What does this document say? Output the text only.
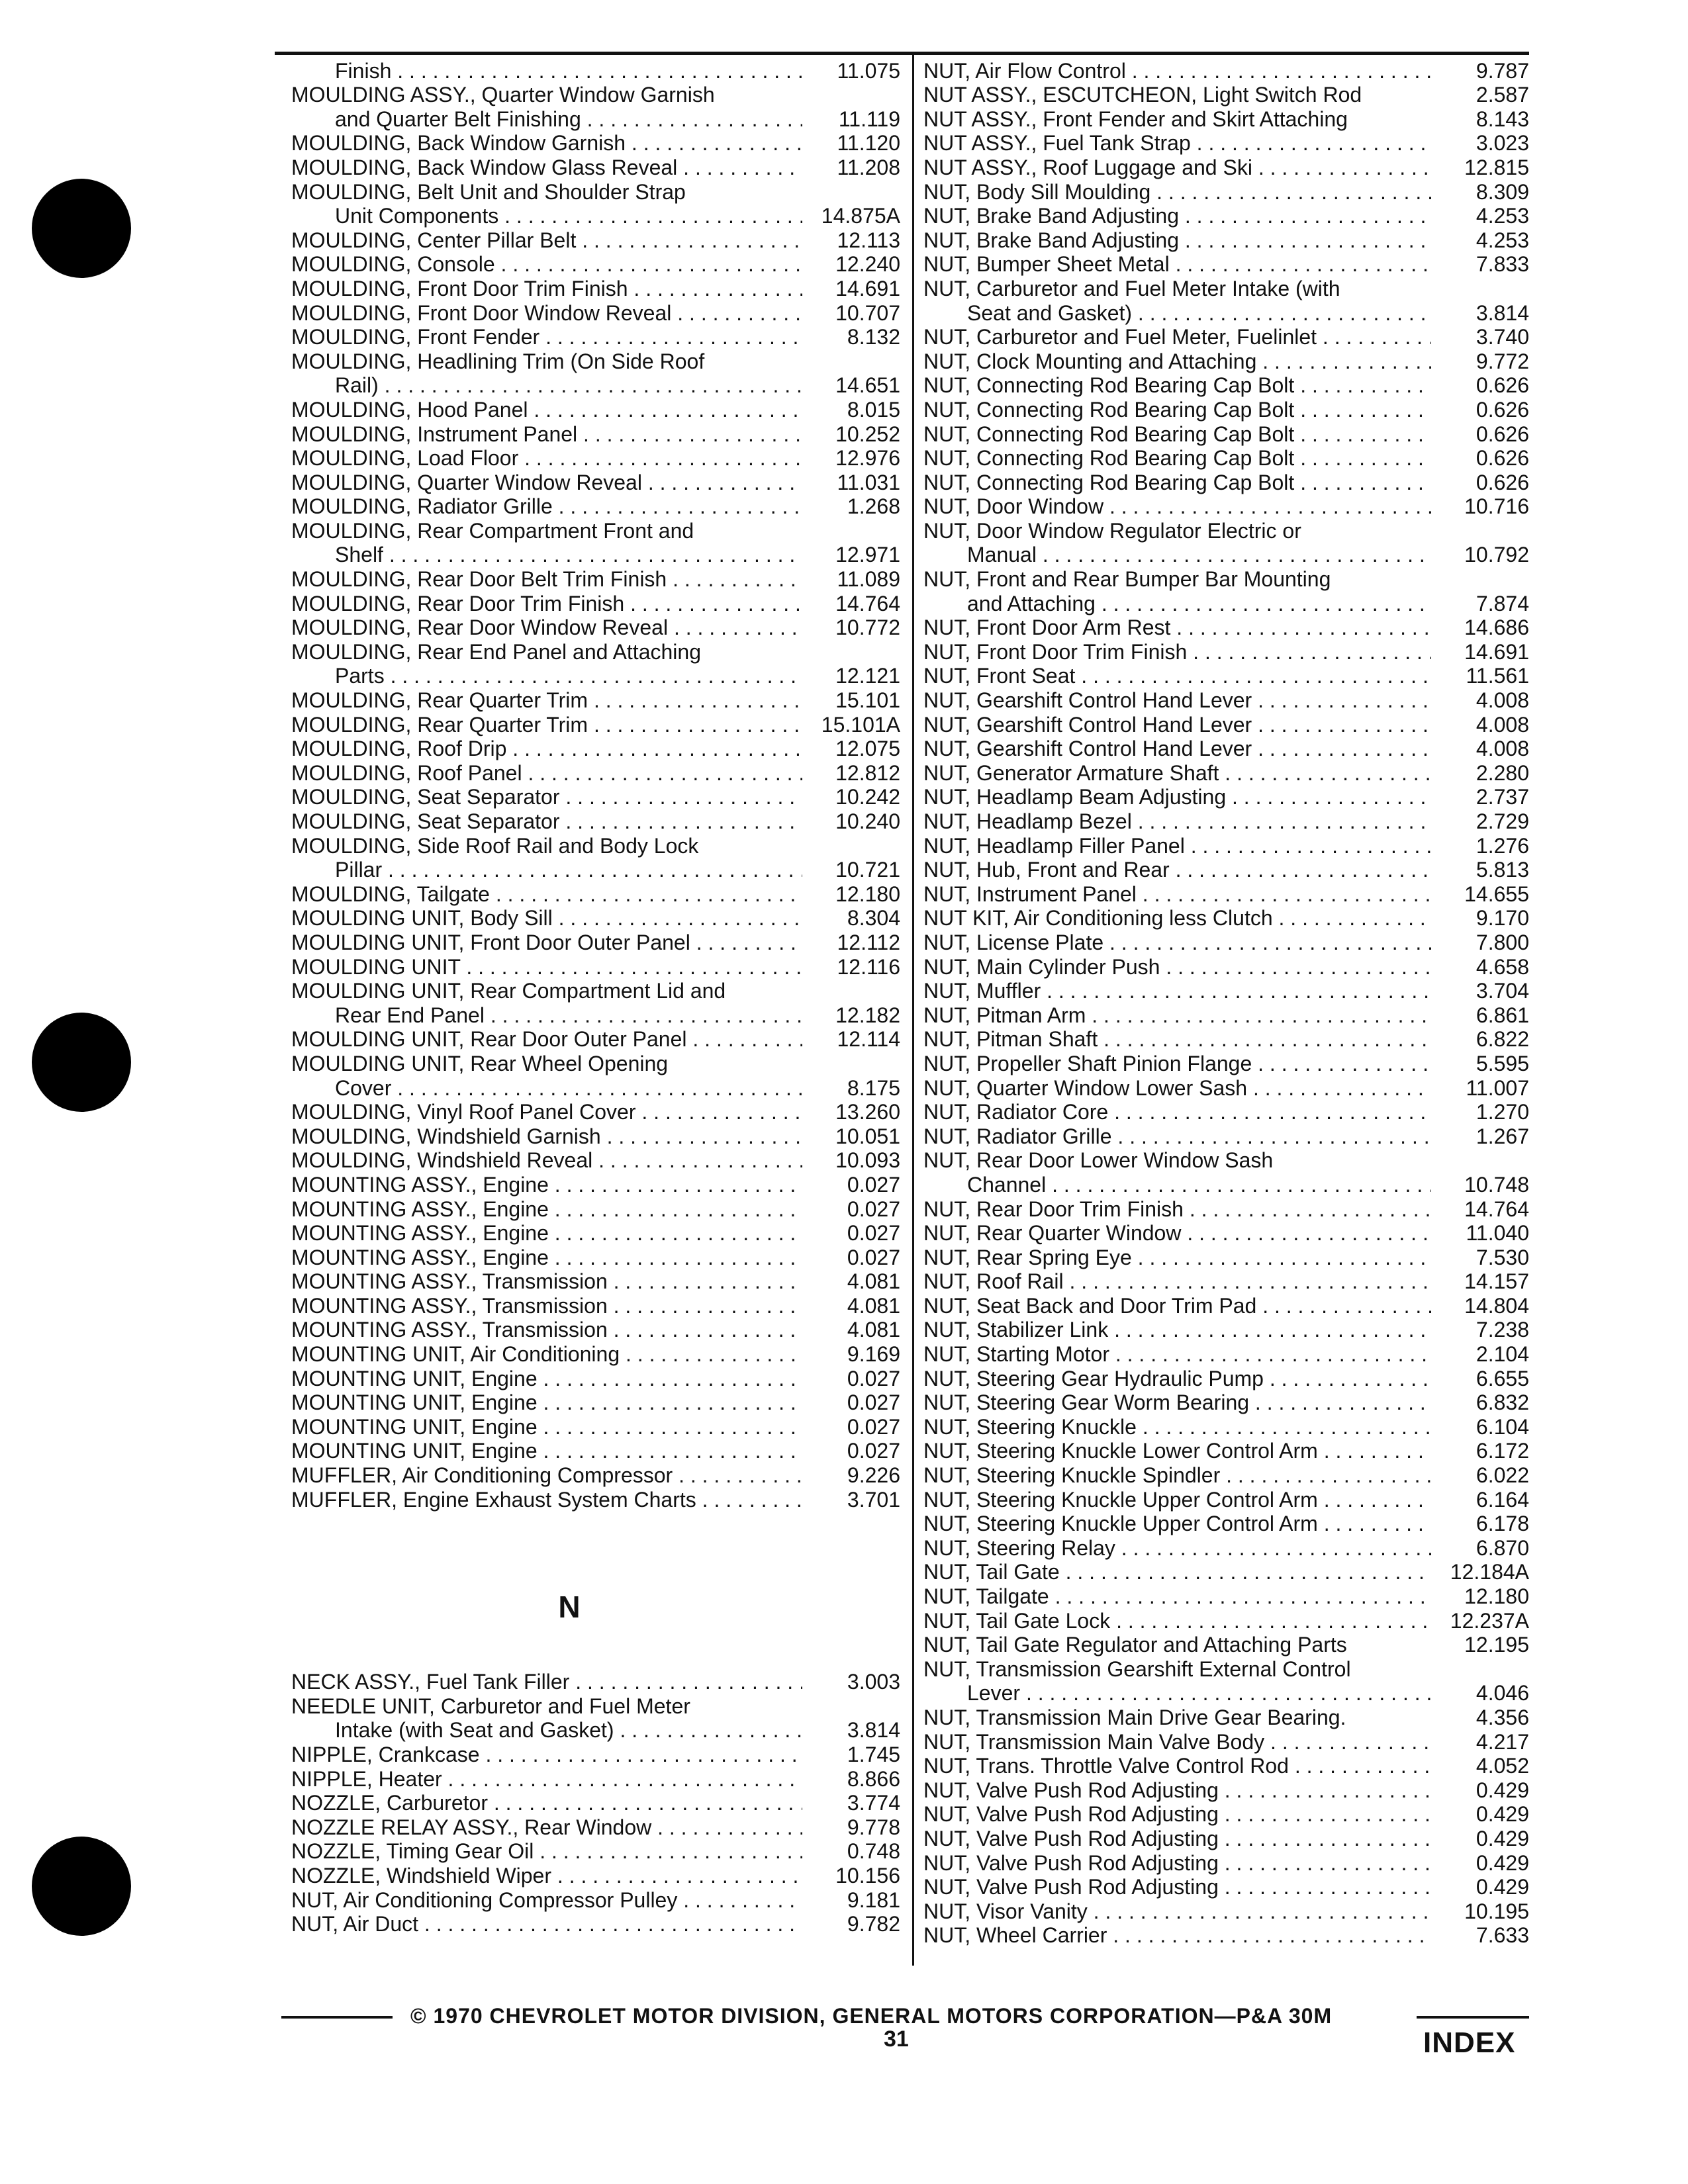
Finish . . .	11.075
MOULDING ASSY., Quarter Window Garnish
and Quarter Belt Finishing . . .	11.119
MOULDING, Back Window Garnish . . .	11.120
MOULDING, Back Window Glass Reveal . . .	11.208
MOULDING, Belt Unit and Shoulder Strap
Unit Components . . .	14.875A
MOULDING, Center Pillar Belt . . .	12.113
MOULDING, Console . . .	12.240
MOULDING, Front Door Trim Finish . . .	14.691
MOULDING, Front Door Window Reveal . . .	10.707
MOULDING, Front Fender . . .	8.132
MOULDING, Headlining Trim (On Side Roof
Rail) . . .	14.651
MOULDING, Hood Panel . . .	8.015
MOULDING, Instrument Panel . . .	10.252
MOULDING, Load Floor . . .	12.976
MOULDING, Quarter Window Reveal . . .	11.031
MOULDING, Radiator Grille . . .	1.268
MOULDING, Rear Compartment Front and
Shelf . . .	12.971
MOULDING, Rear Door Belt Trim Finish . . .	11.089
MOULDING, Rear Door Trim Finish . . .	14.764
MOULDING, Rear Door Window Reveal . . .	10.772
MOULDING, Rear End Panel and Attaching
Parts . . .	12.121
MOULDING, Rear Quarter Trim . . .	15.101
MOULDING, Rear Quarter Trim . . .	15.101A
MOULDING, Roof Drip . . .	12.075
MOULDING, Roof Panel . . .	12.812
MOULDING, Seat Separator . . .	10.242
MOULDING, Seat Separator . . .	10.240
MOULDING, Side Roof Rail and Body Lock
Pillar . . .	10.721
MOULDING, Tailgate . . .	12.180
MOULDING UNIT, Body Sill . . .	8.304
MOULDING UNIT, Front Door Outer Panel . . .	12.112
MOULDING UNIT . . .	12.116
MOULDING UNIT, Rear Compartment Lid and
Rear End Panel . . .	12.182
MOULDING UNIT, Rear Door Outer Panel . . .	12.114
MOULDING UNIT, Rear Wheel Opening
Cover . . .	8.175
MOULDING, Vinyl Roof Panel Cover . . .	13.260
MOULDING, Windshield Garnish . . .	10.051
MOULDING, Windshield Reveal . . .	10.093
MOUNTING ASSY., Engine . . .	0.027
MOUNTING ASSY., Engine . . .	0.027
MOUNTING ASSY., Engine . . .	0.027
MOUNTING ASSY., Engine . . .	0.027
MOUNTING ASSY., Transmission . . .	4.081
MOUNTING ASSY., Transmission . . .	4.081
MOUNTING ASSY., Transmission . . .	4.081
MOUNTING UNIT, Air Conditioning . . .	9.169
MOUNTING UNIT, Engine . . .	0.027
MOUNTING UNIT, Engine . . .	0.027
MOUNTING UNIT, Engine . . .	0.027
MOUNTING UNIT, Engine . . .	0.027
MUFFLER, Air Conditioning Compressor . . .	9.226
MUFFLER, Engine Exhaust System Charts . . .	3.701
N
NECK ASSY., Fuel Tank Filler . . .	3.003
NEEDLE UNIT, Carburetor and Fuel Meter
Intake (with Seat and Gasket) . . .	3.814
NIPPLE, Crankcase . . .	1.745
NIPPLE, Heater . . .	8.866
NOZZLE, Carburetor . . .	3.774
NOZZLE RELAY ASSY., Rear Window . . .	9.778
NOZZLE, Timing Gear Oil . . .	0.748
NOZZLE, Windshield Wiper . . .	10.156
NUT, Air Conditioning Compressor Pulley . . .	9.181
NUT, Air Duct . . .	9.782
NUT, Air Flow Control . . .	9.787
NUT ASSY., ESCUTCHEON, Light Switch Rod	2.587
NUT ASSY., Front Fender and Skirt Attaching	8.143
NUT ASSY., Fuel Tank Strap . . .	3.023
NUT ASSY., Roof Luggage and Ski . . .	12.815
NUT, Body Sill Moulding . . .	8.309
NUT, Brake Band Adjusting . . .	4.253
NUT, Brake Band Adjusting . . .	4.253
NUT, Bumper Sheet Metal . . .	7.833
NUT, Carburetor and Fuel Meter Intake (with
Seat and Gasket) . . .	3.814
NUT, Carburetor and Fuel Meter, Fuelinlet . . .	3.740
NUT, Clock Mounting and Attaching . . .	9.772
NUT, Connecting Rod Bearing Cap Bolt . . .	0.626
NUT, Connecting Rod Bearing Cap Bolt . . .	0.626
NUT, Connecting Rod Bearing Cap Bolt . . .	0.626
NUT, Connecting Rod Bearing Cap Bolt . . .	0.626
NUT, Connecting Rod Bearing Cap Bolt . . .	0.626
NUT, Door Window . . .	10.716
NUT, Door Window Regulator Electric or
Manual . . .	10.792
NUT, Front and Rear Bumper Bar Mounting
and Attaching . . .	7.874
NUT, Front Door Arm Rest . . .	14.686
NUT, Front Door Trim Finish . . .	14.691
NUT, Front Seat . . .	11.561
NUT, Gearshift Control Hand Lever . . .	4.008
NUT, Gearshift Control Hand Lever . . .	4.008
NUT, Gearshift Control Hand Lever . . .	4.008
NUT, Generator Armature Shaft . . .	2.280
NUT, Headlamp Beam Adjusting . . .	2.737
NUT, Headlamp Bezel . . .	2.729
NUT, Headlamp Filler Panel . . .	1.276
NUT, Hub, Front and Rear . . .	5.813
NUT, Instrument Panel . . .	14.655
NUT KIT, Air Conditioning less Clutch . . .	9.170
NUT, License Plate . . .	7.800
NUT, Main Cylinder Push . . .	4.658
NUT, Muffler . . .	3.704
NUT, Pitman Arm . . .	6.861
NUT, Pitman Shaft . . .	6.822
NUT, Propeller Shaft Pinion Flange . . .	5.595
NUT, Quarter Window Lower Sash . . .	11.007
NUT, Radiator Core . . .	1.270
NUT, Radiator Grille . . .	1.267
NUT, Rear Door Lower Window Sash
Channel . . .	10.748
NUT, Rear Door Trim Finish . . .	14.764
NUT, Rear Quarter Window . . .	11.040
NUT, Rear Spring Eye . . .	7.530
NUT, Roof Rail . . .	14.157
NUT, Seat Back and Door Trim Pad . . .	14.804
NUT, Stabilizer Link . . .	7.238
NUT, Starting Motor . . .	2.104
NUT, Steering Gear Hydraulic Pump . . .	6.655
NUT, Steering Gear Worm Bearing . . .	6.832
NUT, Steering Knuckle . . .	6.104
NUT, Steering Knuckle Lower Control Arm . . .	6.172
NUT, Steering Knuckle Spindler . . .	6.022
NUT, Steering Knuckle Upper Control Arm . . .	6.164
NUT, Steering Knuckle Upper Control Arm . . .	6.178
NUT, Steering Relay . . .	6.870
NUT, Tail Gate . . .	12.184A
NUT, Tailgate . . .	12.180
NUT, Tail Gate Lock . . .	12.237A
NUT, Tail Gate Regulator and Attaching Parts	12.195
NUT, Transmission Gearshift External Control
Lever . . .	4.046
NUT, Transmission Main Drive Gear Bearing.	4.356
NUT, Transmission Main Valve Body . . .	4.217
NUT, Trans. Throttle Valve Control Rod . . .	4.052
NUT, Valve Push Rod Adjusting . . .	0.429
NUT, Valve Push Rod Adjusting . . .	0.429
NUT, Valve Push Rod Adjusting . . .	0.429
NUT, Valve Push Rod Adjusting . . .	0.429
NUT, Valve Push Rod Adjusting . . .	0.429
NUT, Visor Vanity . . .	10.195
NUT, Wheel Carrier . . .	7.633
© 1970 CHEVROLET MOTOR DIVISION, GENERAL MOTORS CORPORATION—P&A 30M
31	INDEX
